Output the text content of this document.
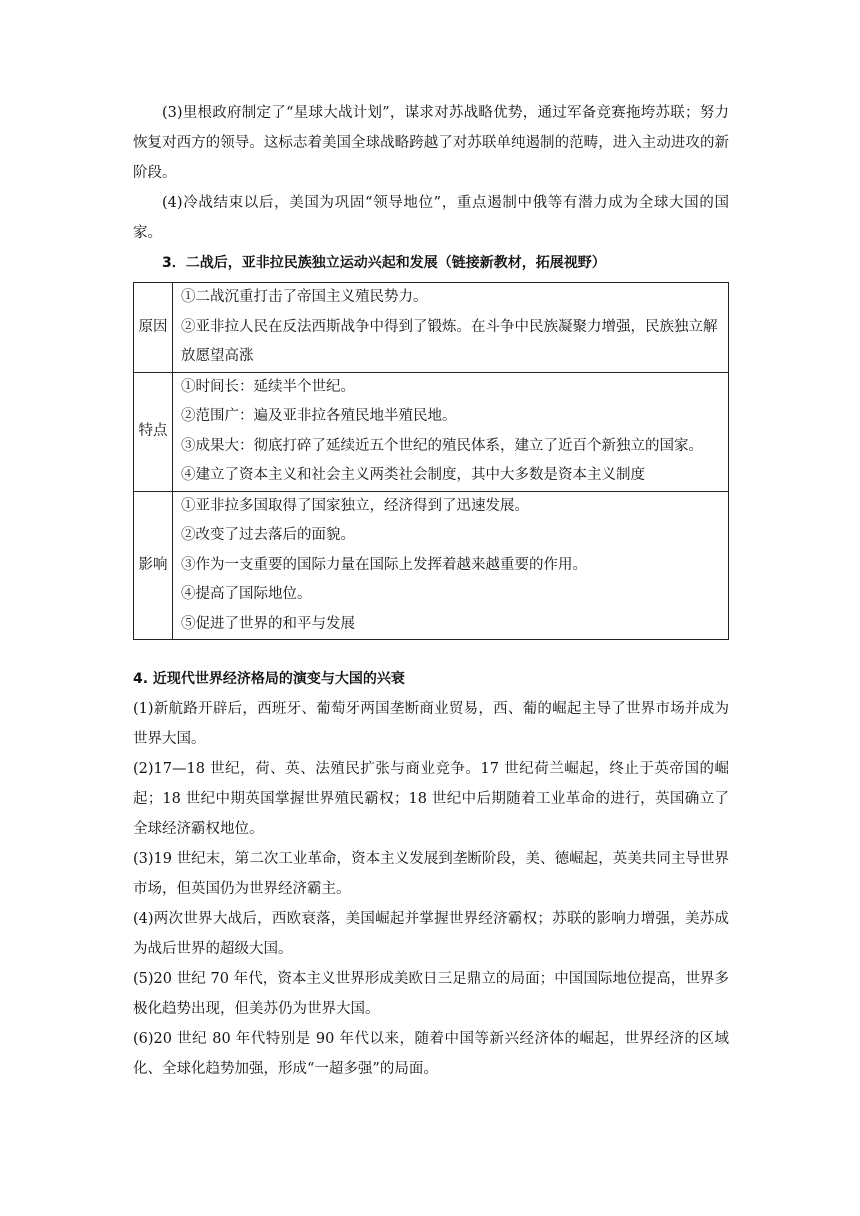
(3)里根政府制定了“星球大战计划”，谋求对苏战略优势，通过军备竞赛拖垮苏联；努力恢复对西方的领导。这标志着美国全球战略跨越了对苏联单纯遏制的范畴，进入主动进攻的新阶段。

(4)冷战结束以后，美国为巩固“领导地位”，重点遏制中俄等有潜力成为全球大国的国家。

3．二战后，亚非拉民族独立运动兴起和发展（链接新教材，拓展视野）

原因	①二战沉重打击了帝国主义殖民势力。
②亚非拉人民在反法西斯战争中得到了锻炼。在斗争中民族凝聚力增强，民族独立解放愿望高涨

特点	①时间长：延续半个世纪。
②范围广：遍及亚非拉各殖民地半殖民地。
③成果大：彻底打碎了延续近五个世纪的殖民体系，建立了近百个新独立的国家。
④建立了资本主义和社会主义两类社会制度，其中大多数是资本主义制度

影响	①亚非拉多国取得了国家独立，经济得到了迅速发展。
②改变了过去落后的面貌。
③作为一支重要的国际力量在国际上发挥着越来越重要的作用。
④提高了国际地位。
⑤促进了世界的和平与发展

4. 近现代世界经济格局的演变与大国的兴衰

(1)新航路开辟后，西班牙、葡萄牙两国垄断商业贸易，西、葡的崛起主导了世界市场并成为世界大国。

(2)17—18 世纪，荷、英、法殖民扩张与商业竞争。17 世纪荷兰崛起，终止于英帝国的崛起；18 世纪中期英国掌握世界殖民霸权；18 世纪中后期随着工业革命的进行，英国确立了全球经济霸权地位。

(3)19 世纪末，第二次工业革命，资本主义发展到垄断阶段，美、德崛起，英美共同主导世界市场，但英国仍为世界经济霸主。

(4)两次世界大战后，西欧衰落，美国崛起并掌握世界经济霸权；苏联的影响力增强，美苏成为战后世界的超级大国。

(5)20 世纪 70 年代，资本主义世界形成美欧日三足鼎立的局面；中国国际地位提高，世界多极化趋势出现，但美苏仍为世界大国。

(6)20 世纪 80 年代特别是 90 年代以来，随着中国等新兴经济体的崛起，世界经济的区域化、全球化趋势加强，形成“一超多强”的局面。
